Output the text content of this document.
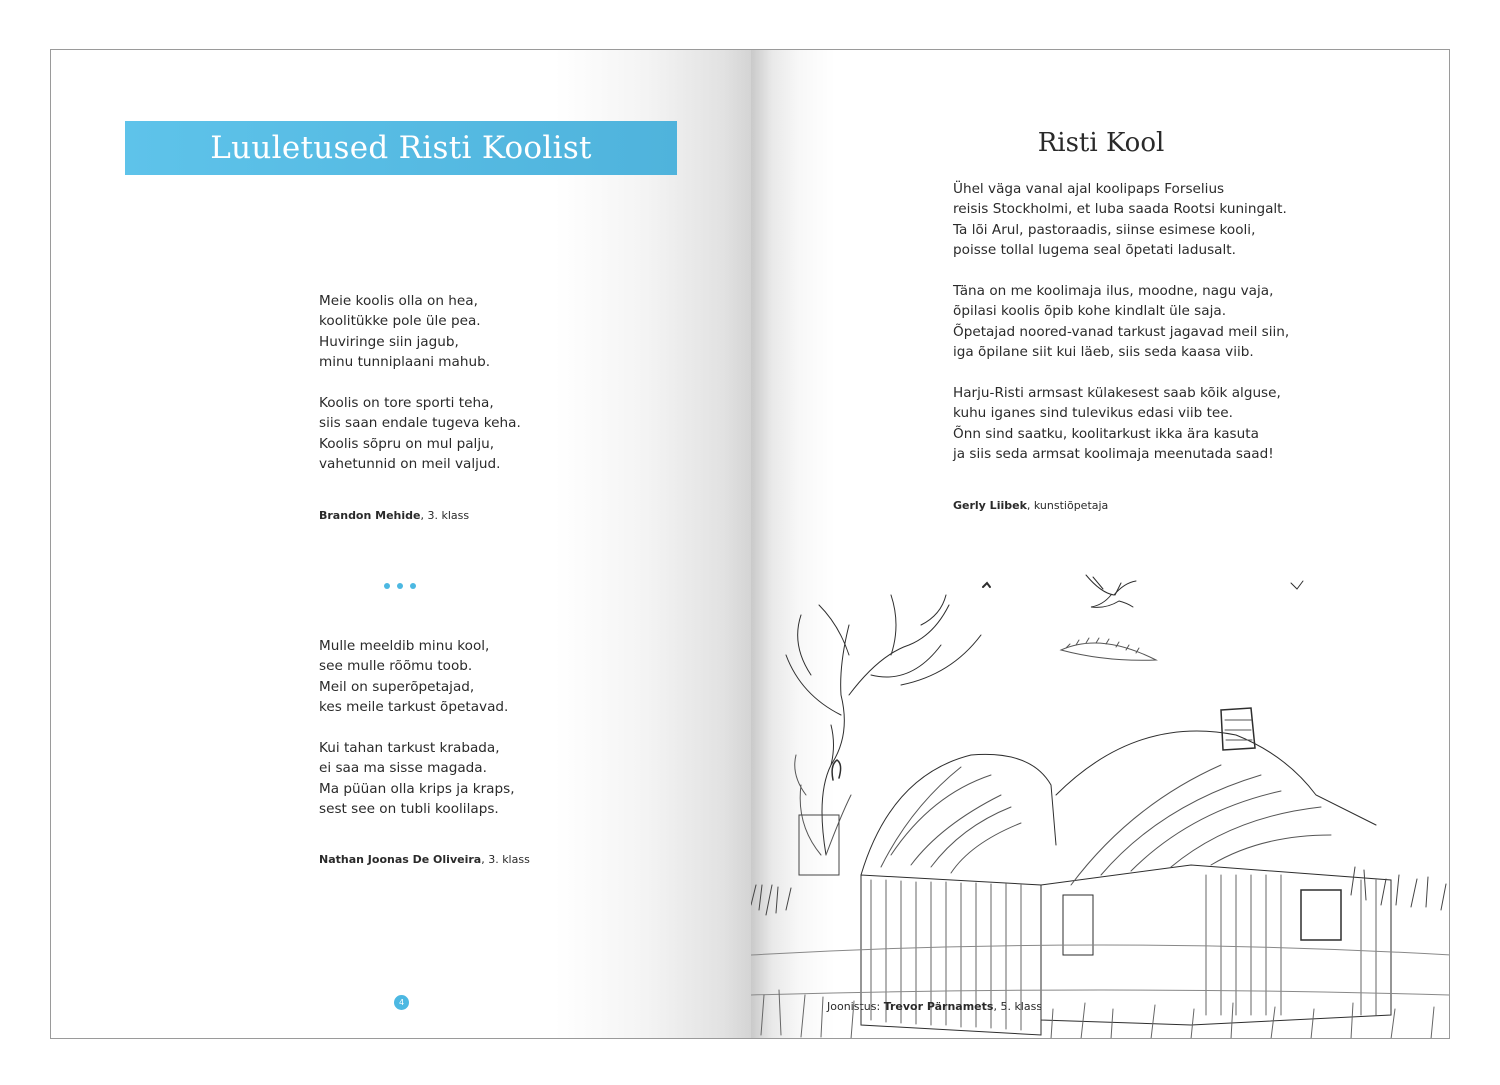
Luuletused Risti Koolist

Meie koolis olla on hea,
koolitükke pole üle pea.
Huviringe siin jagub,
minu tunniplaani mahub.

Koolis on tore sporti teha,
siis saan endale tugeva keha.
Koolis sõpru on mul palju,
vahetunnid on meil valjud.

Brandon Mehide, 3. klass

Mulle meeldib minu kool,
see mulle rõõmu toob.
Meil on superõpetajad,
kes meile tarkust õpetavad.

Kui tahan tarkust krabada,
ei saa ma sisse magada.
Ma püüan olla krips ja kraps,
sest see on tubli koolilaps.

Nathan Joonas De Oliveira, 3. klass
4
Risti Kool

Ühel väga vanal ajal koolipaps Forselius
reisis Stockholmi, et luba saada Rootsi kuningalt.
Ta lõi Arul, pastoraadis, siinse esimese kooli,
poisse tollal lugema seal õpetati ladusalt.

Täna on me koolimaja ilus, moodne, nagu vaja,
õpilasi koolis õpib kohe kindlalt üle saja.
Õpetajad noored-vanad tarkust jagavad meil siin,
iga õpilane siit kui läeb, siis seda kaasa viib.

Harju-Risti armsast külakesest saab kõik alguse,
kuhu iganes sind tulevikus edasi viib tee.
Õnn sind saatku, koolitarkust ikka ära kasuta
ja siis seda armsat koolimaja meenutada saad!

Gerly Liibek, kunstiõpetaja
Joonistus: Trevor Pärnamets, 5. klass
